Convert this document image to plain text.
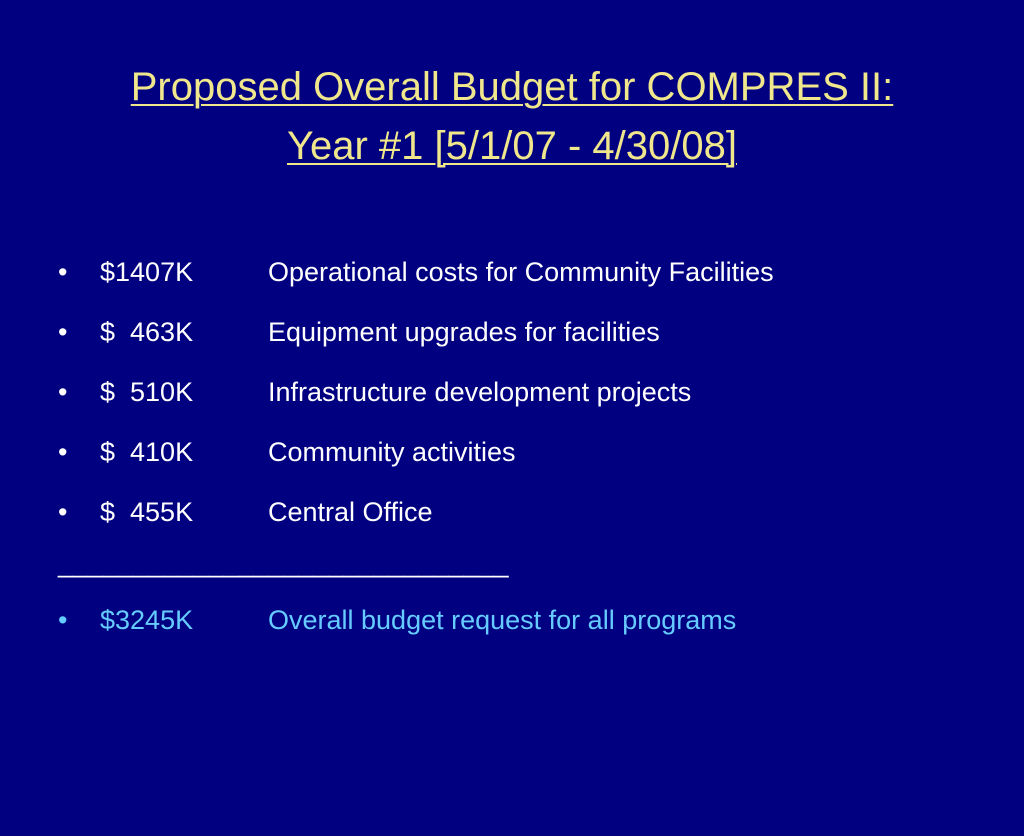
Proposed Overall Budget for COMPRES II:
Year #1 [5/1/07 - 4/30/08]

•

$1407K

	Operational costs for Community Facilities

•

$  463K

	Equipment upgrades for facilities

•

$  510K

	Infrastructure development projects

•

$  410K

	Community activities

•

$  455K

	Central Office

______________________________

•

$3245K

	Overall budget request for all programs
